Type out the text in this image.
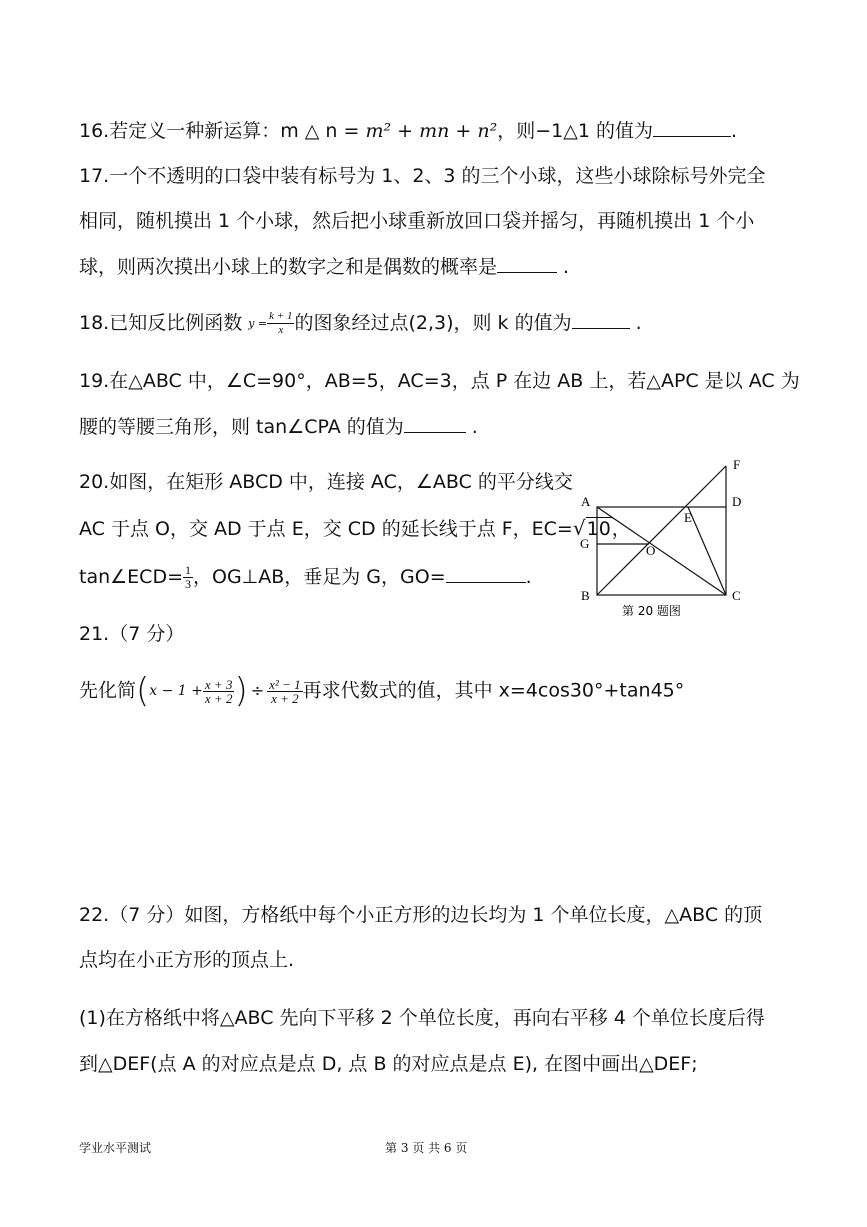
16.若定义一种新运算：m △ n = m² + mn + n²，则−1△1 的值为	.
17.一个不透明的口袋中装有标号为 1、2、3 的三个小球，这些小球除标号外完全
相同，随机摸出 1 个小球，然后把小球重新放回口袋并摇匀，再随机摸出 1 个小
球，则两次摸出小球上的数字之和是偶数的概率是	.
18.已知反比例函数 $y = \frac{k + 1}{x}$ 的图象经过点(2,3)，则 k 的值为	.
19.在△ABC 中，∠C=90°，AB=5，AC=3，点 P 在边 AB 上，若△APC 是以 AC 为
腰的等腰三角形，则 tan∠CPA 的值为	.
20.如图，在矩形 ABCD 中，连接 AC，∠ABC 的平分线交
AC 于点 O，交 AD 于点 E，交 CD 的延长线于点 F，EC=√10，
tan∠ECD= $\frac{1}{3}$ ，OG⊥AB，垂足为 G，GO=	.
A
B	C
D
E
F
G	O
第 20 题图
21.（7 分）
先化简($x - 1 + \frac{x + 3}{x + 2}$ ) ÷ $\frac{\text{x² − 1}}{x + 2}$ 再求代数式的值，其中 x=4cos30°+tan45°
22.（7 分）如图，方格纸中每个小正方形的边长均为 1 个单位长度，△ABC 的顶
点均在小正方形的顶点上.
(1)在方格纸中将△ABC 先向下平移 2 个单位长度，再向右平移 4 个单位长度后得
到△DEF(点 A 的对应点是点 D, 点 B 的对应点是点 E), 在图中画出△DEF;
学业水平测试	第 3 页 共 6 页
